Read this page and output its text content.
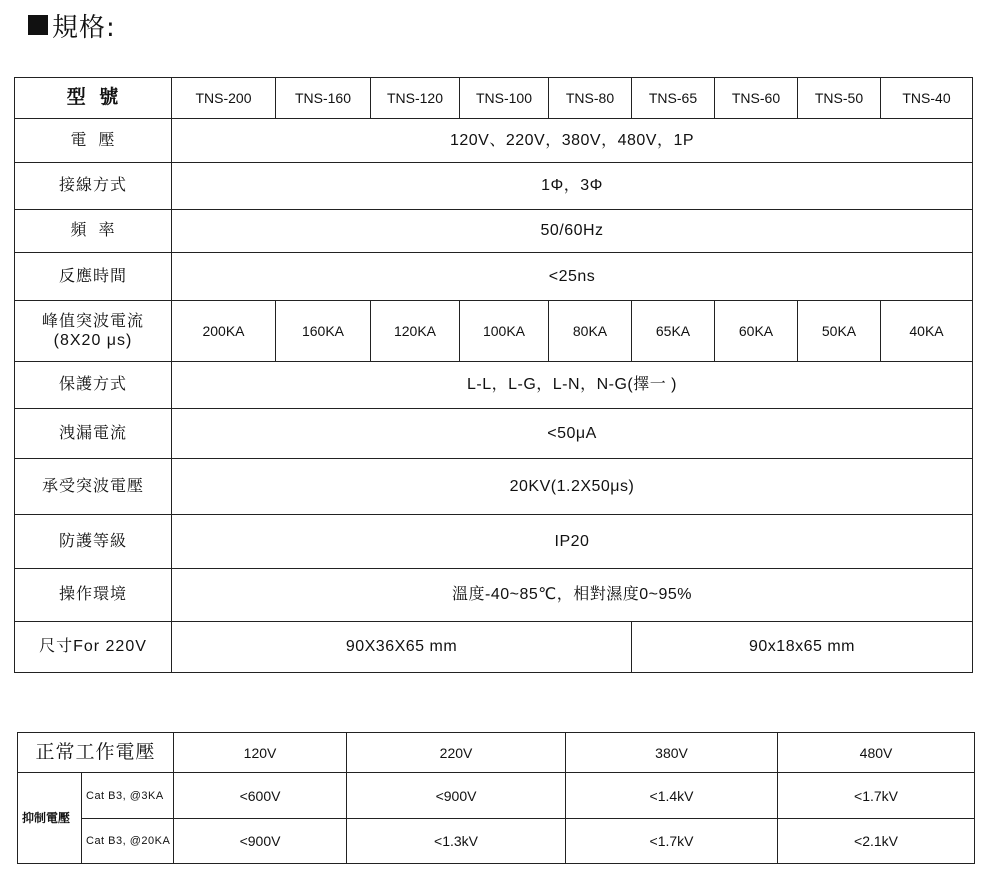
規格:
型  號	TNS-200	TNS-160	TNS-120	TNS-100	TNS-80	TNS-65	TNS-60	TNS-50	TNS-40
電  壓	120V、220V，380V，480V，1P								
接線方式	1Φ，3Φ								
頻  率	50/60Hz								
反應時間	<25ns								

峰值突波電流
(8X20 μs)	200KA	160KA	120KA	100KA	80KA	65KA	60KA	50KA	40KA
保護方式	L-L，L-G，L-N，N-G(擇一 )								
洩漏電流	<50μA								
承受突波電壓	20KV(1.2X50μs)								
防護等級	IP20								
操作環境	溫度-40~85℃，相對濕度0~95%								
尺寸For 220V	90X36X65 mm					90x18x65 mm			
正常工作電壓		120V	220V	380V	480V
抑制電壓	Cat B3, @3KA	<600V	<900V	<1.4kV	<1.7kV
	Cat B3, @20KA	<900V	<1.3kV	<1.7kV	<2.1kV
